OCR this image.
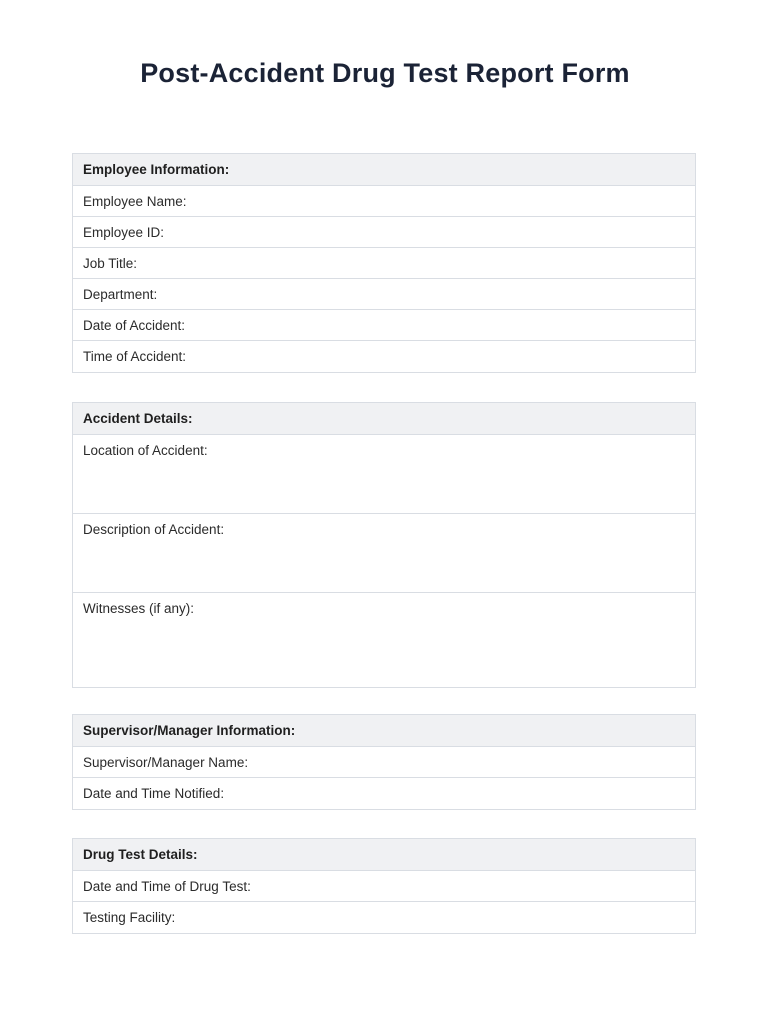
Post-Accident Drug Test Report Form
Employee Information:
Employee Name:
Employee ID:
Job Title:
Department:
Date of Accident:
Time of Accident:
Accident Details:
Location of Accident:
Description of Accident:
Witnesses (if any):
Supervisor/Manager Information:
Supervisor/Manager Name:
Date and Time Notified:
Drug Test Details:
Date and Time of Drug Test:
Testing Facility:
